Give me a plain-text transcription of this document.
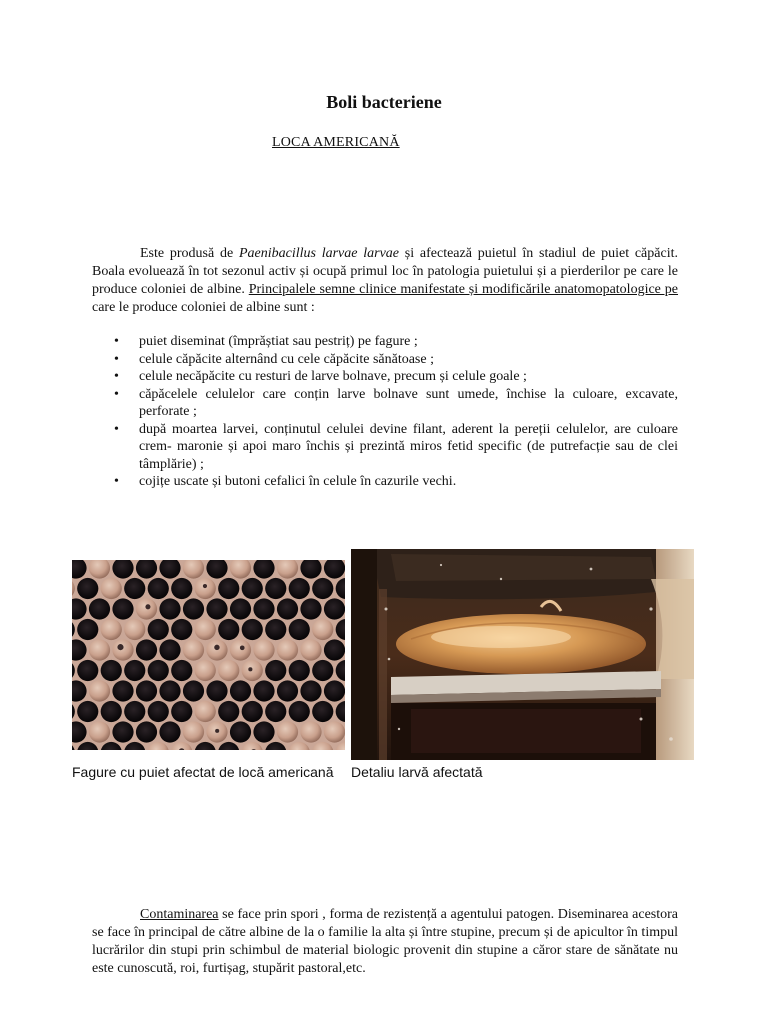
Boli bacteriene
LOCA AMERICANĂ

Este produsă de Paenibacillus larvae larvae și afectează puietul în stadiul de puiet căpăcit. Boala evoluează în tot sezonul activ și ocupă primul loc în patologia puietului și a pierderilor pe care le produce coloniei de albine. Principalele semne clinice manifestate și modificările anatomopatologice pe care le produce coloniei de albine sunt :

• puiet diseminat (împrăștiat sau pestriț) pe fagure ;
• celule căpăcite alternând cu cele căpăcite sănătoase ;
• celule necăpăcite cu resturi de larve bolnave, precum și celule goale ;
• căpăcelele celulelor care conțin larve bolnave sunt umede, închise la culoare, excavate, perforate ;
• după moartea larvei, conținutul celulei devine filant, aderent la pereții celulelor, are culoare crem- maronie și apoi maro închis și prezintă miros fetid specific (de putrefacție sau de clei tâmplărie) ;
• cojițe uscate și butoni cefalici în celule în cazurile vechi.
Fagure cu puiet afectat de locă americană Detaliu larvă afectată

Contaminarea se face prin spori , forma de rezistență a agentului patogen. Diseminarea acestora se face în principal de către albine de la o familie la alta și între stupine, precum și de apicultor în timpul lucrărilor din stupi prin schimbul de material biologic provenit din stupine a căror stare de sănătate nu este cunoscută, roi, furtișag, stupărit pastoral,etc.
